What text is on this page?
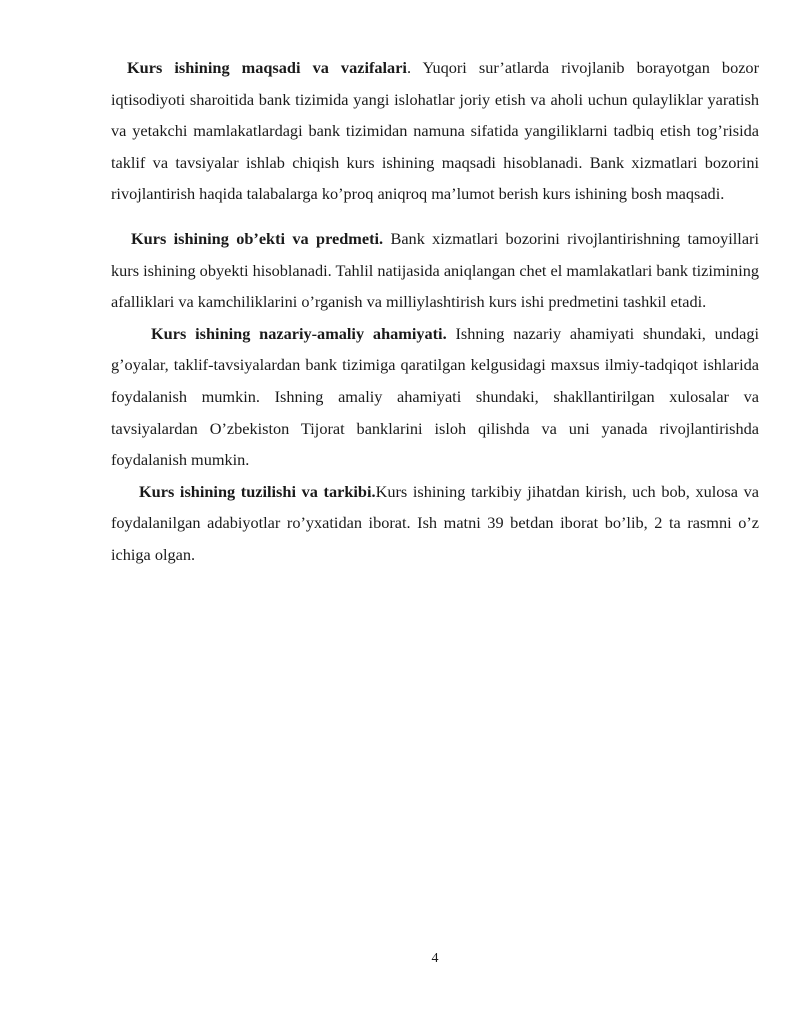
Kurs ishining maqsadi va vazifalari. Yuqori sur’atlarda rivojlanib borayotgan bozor iqtisodiyoti sharoitida bank tizimida yangi islohatlar joriy etish va aholi uchun qulayliklar yaratish va yetakchi mamlakatlardagi bank tizimidan namuna sifatida yangiliklarni tadbiq etish tog’risida taklif va tavsiyalar ishlab chiqish kurs ishining maqsadi hisoblanadi. Bank xizmatlari bozorini rivojlantirish haqida talabalarga ko’proq aniqroq ma’lumot berish kurs ishining bosh maqsadi.

Kurs ishining ob’ekti va predmeti. Bank xizmatlari bozorini rivojlantirishning tamoyillari kurs ishining obyekti hisoblanadi. Tahlil natijasida aniqlangan chet el mamlakatlari bank tizimining afalliklari va kamchiliklarini o’rganish va milliylashtirish kurs ishi predmetini tashkil etadi.

Kurs ishining nazariy-amaliy ahamiyati. Ishning nazariy ahamiyati shundaki, undagi g’oyalar, taklif-tavsiyalardan bank tizimiga qaratilgan kelgusidagi maxsus ilmiy-tadqiqot ishlarida foydalanish mumkin. Ishning amaliy ahamiyati shundaki, shakllantirilgan xulosalar va tavsiyalardan O’zbekiston Tijorat banklarini isloh qilishda va uni yanada rivojlantirishda foydalanish mumkin.

Kurs ishining tuzilishi va tarkibi.Kurs ishining tarkibiy jihatdan kirish, uch bob, xulosa va foydalanilgan adabiyotlar ro’yxatidan iborat. Ish matni 39 betdan iborat bo’lib, 2 ta rasmni o’z ichiga olgan.

4
